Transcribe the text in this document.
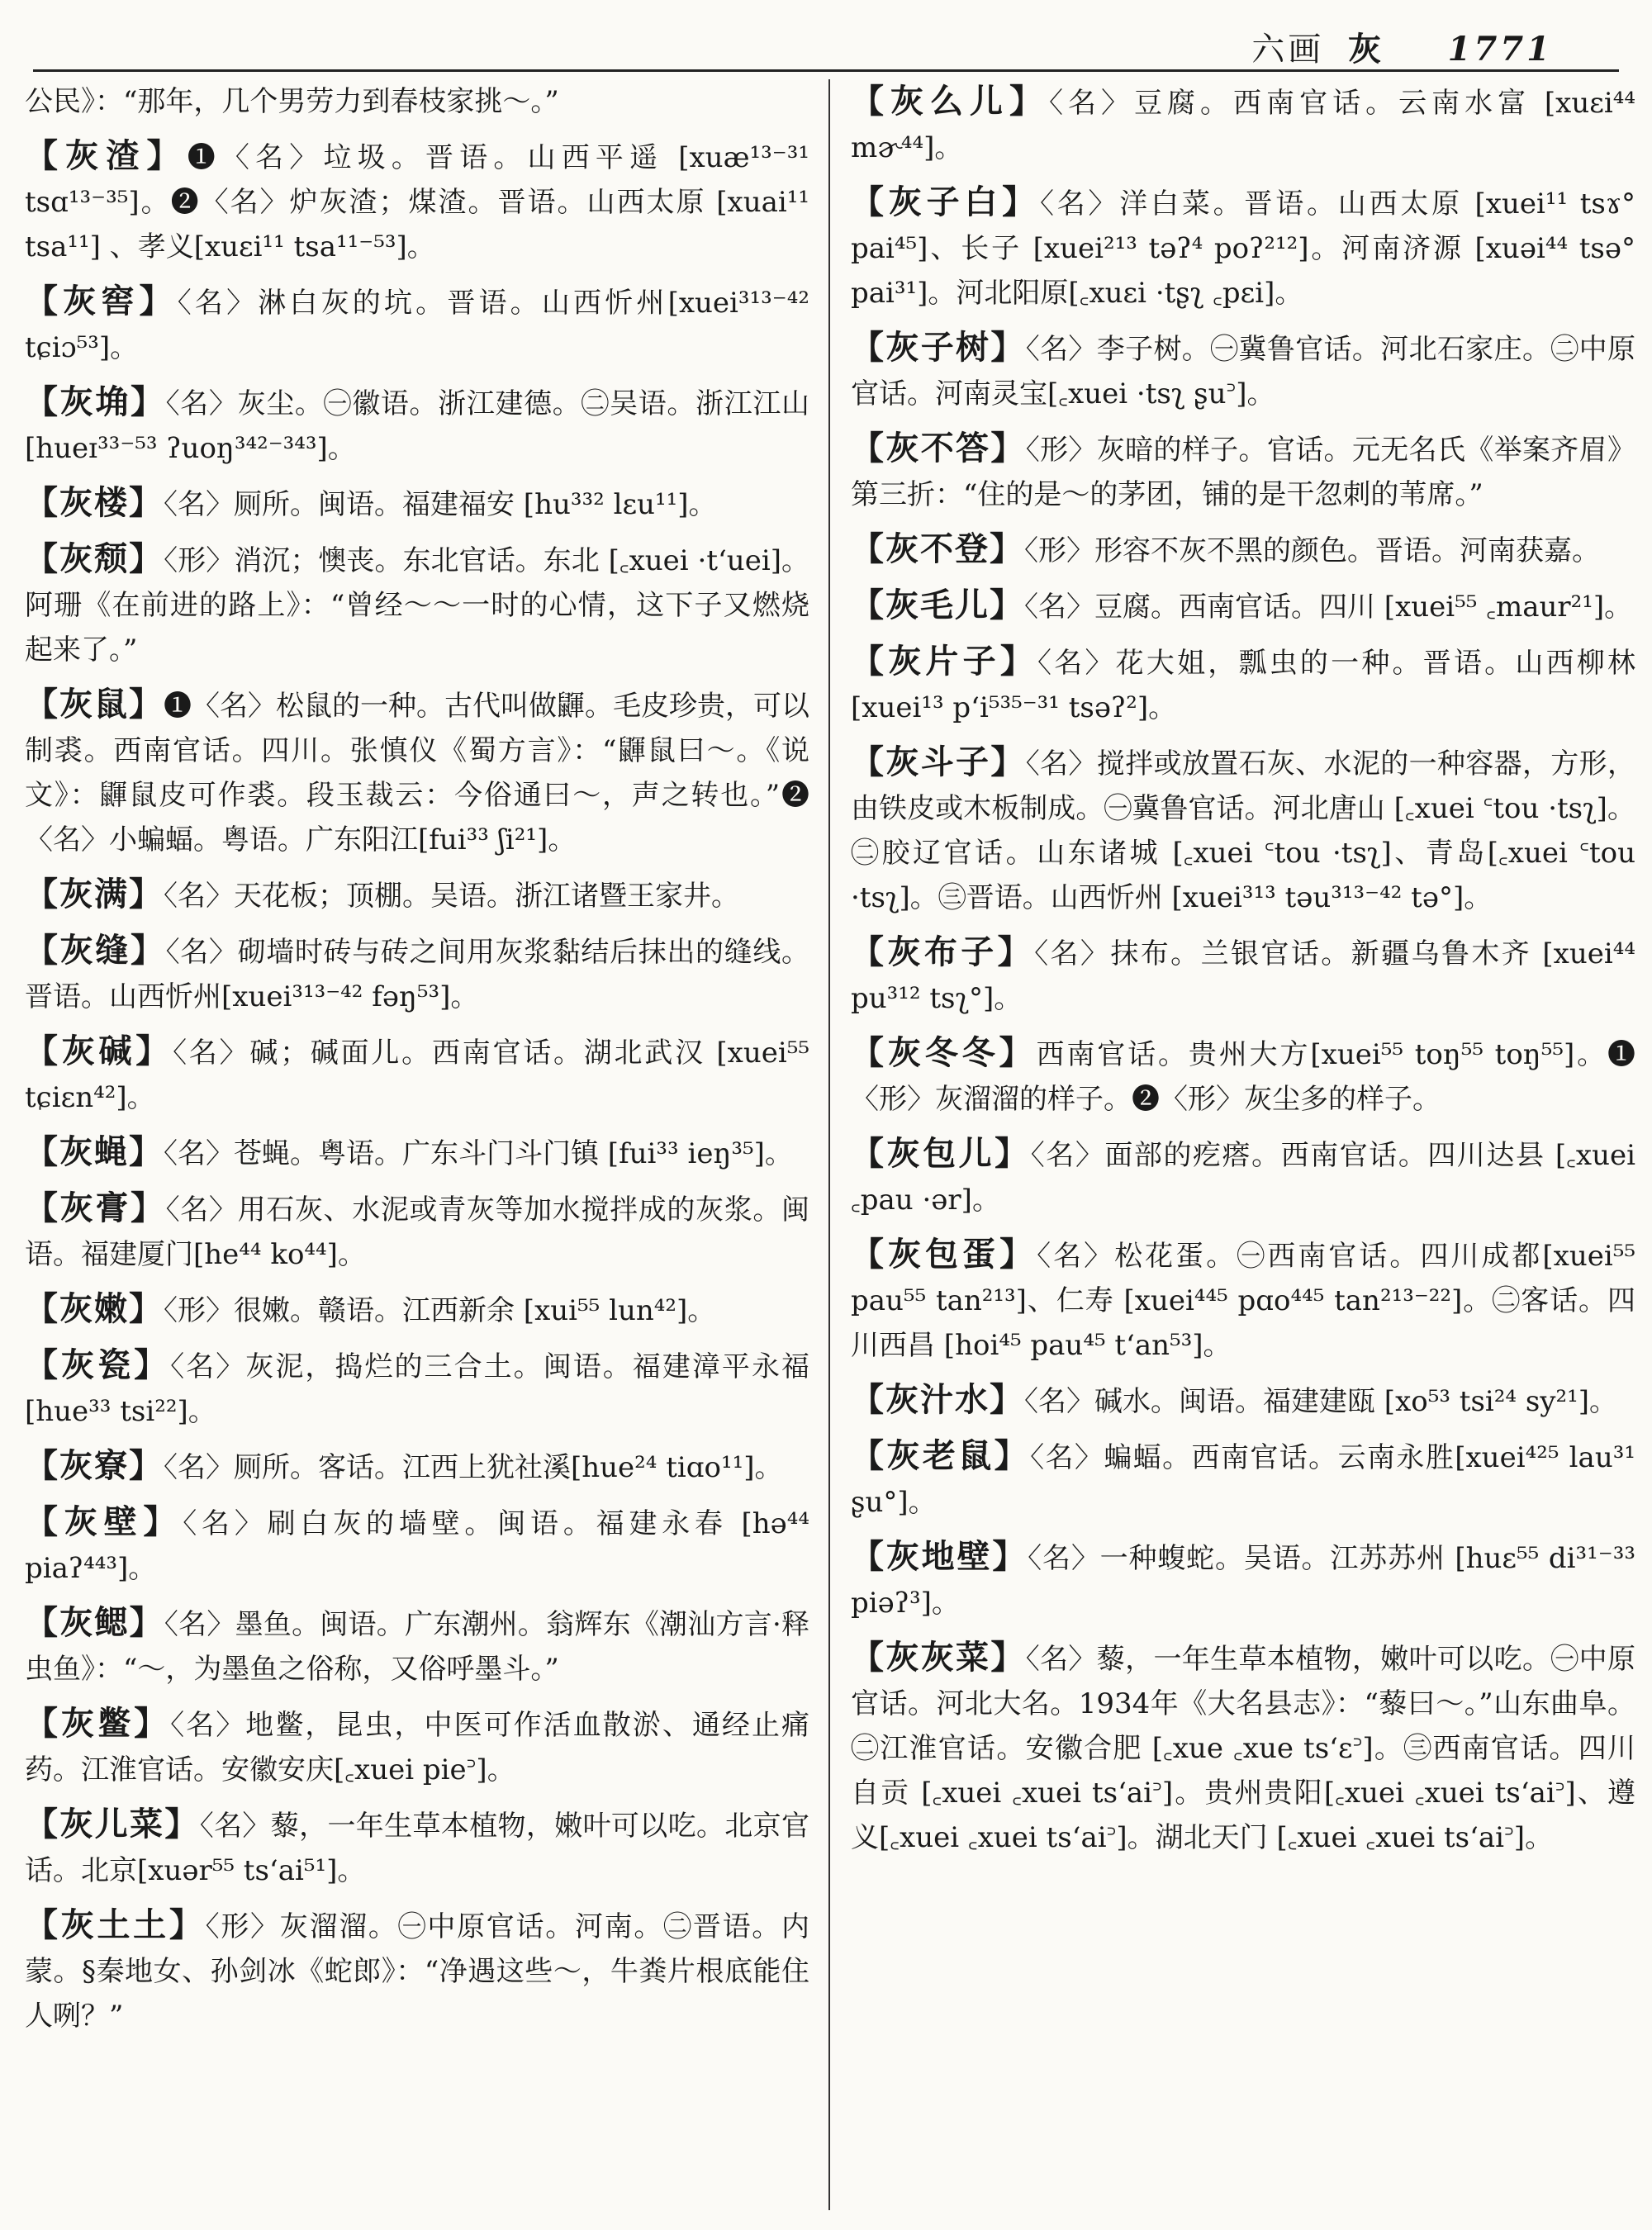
六画 灰 1771

公民》：“那年，几个男劳力到春枝家挑～。”

【灰渣】❶〈名〉垃圾。晋语。山西平遥 [xuæ¹³⁻³¹ tsɑ¹³⁻³⁵]。❷〈名〉炉灰渣；煤渣。晋语。山西太原 [xuai¹¹ tsa¹¹] 、孝义[xuɛi¹¹ tsa¹¹⁻⁵³]。

【灰窖】〈名〉淋白灰的坑。晋语。山西忻州[xuei³¹³⁻⁴² tɕiɔ⁵³]。

【灰埆】〈名〉灰尘。㊀徽语。浙江建德。㊁吴语。浙江江山 [hueɪ³³⁻⁵³ ʔuoŋ³⁴²⁻³⁴³]。

【灰楼】〈名〉厕所。闽语。福建福安 [hu³³² lɛu¹¹]。

【灰颓】〈形〉消沉；懊丧。东北官话。东北 [꜀xuei ·tʻuei]。阿珊《在前进的路上》：“曾经～～一时的心情，这下子又燃烧起来了。”

【灰鼠】❶〈名〉松鼠的一种。古代叫做鼲。毛皮珍贵，可以制裘。西南官话。四川。张慎仪《蜀方言》：“鼲鼠曰～。《说文》：鼲鼠皮可作裘。段玉裁云：今俗通曰～，声之转也。”❷〈名〉小蝙蝠。粤语。广东阳江[fui³³ ʃi²¹]。

【灰满】〈名〉天花板；顶棚。吴语。浙江诸暨王家井。

【灰缝】〈名〉砌墙时砖与砖之间用灰浆黏结后抹出的缝线。晋语。山西忻州[xuei³¹³⁻⁴² fəŋ⁵³]。

【灰碱】〈名〉碱；碱面儿。西南官话。湖北武汉 [xuei⁵⁵ tɕiɛn⁴²]。

【灰蝇】〈名〉苍蝇。粤语。广东斗门斗门镇 [fui³³ ieŋ³⁵]。

【灰膏】〈名〉用石灰、水泥或青灰等加水搅拌成的灰浆。闽语。福建厦门[he⁴⁴ ko⁴⁴]。

【灰嫩】〈形〉很嫩。赣语。江西新余 [xui⁵⁵ lun⁴²]。

【灰瓷】〈名〉灰泥，捣烂的三合土。闽语。福建漳平永福[hue³³ tsi²²]。

【灰寮】〈名〉厕所。客话。江西上犹社溪[hue²⁴ tiɑo¹¹]。

【灰壁】〈名〉刷白灰的墙壁。闽语。福建永春 [hə⁴⁴ piaʔ⁴⁴³]。

【灰鳃】〈名〉墨鱼。闽语。广东潮州。翁辉东《潮汕方言·释虫鱼》：“～，为墨鱼之俗称，又俗呼墨斗。”

【灰鳖】〈名〉地鳖，昆虫，中医可作活血散淤、通经止痛药。江淮官话。安徽安庆[꜀xuei pie꜄]。

【灰儿菜】〈名〉藜，一年生草本植物，嫩叶可以吃。北京官话。北京[xuər⁵⁵ tsʻai⁵¹]。

【灰土土】〈形〉灰溜溜。㊀中原官话。河南。㊁晋语。内蒙。§秦地女、孙剑冰《蛇郎》：“净遇这些～，牛粪片根底能住人咧？”

【灰么儿】〈名〉豆腐。西南官话。云南水富 [xuɛi⁴⁴ mɚ⁴⁴]。

【灰子白】〈名〉洋白菜。晋语。山西太原 [xuei¹¹ tsɤ° pai⁴⁵]、长子 [xuei²¹³ təʔ⁴ poʔ²¹²]。河南济源 [xuəi⁴⁴ tsə° pai³¹]。河北阳原[꜀xuɛi ·tʂʅ ꜀pɛi]。

【灰子树】〈名〉李子树。㊀冀鲁官话。河北石家庄。㊁中原官话。河南灵宝[꜀xuei ·tsʅ ʂu꜄]。

【灰不答】〈形〉灰暗的样子。官话。元无名氏《举案齐眉》第三折：“住的是～的茅团，铺的是干忽刺的苇席。”

【灰不登】〈形〉形容不灰不黑的颜色。晋语。河南获嘉。

【灰毛儿】〈名〉豆腐。西南官话。四川 [xuei⁵⁵ ꜀maur²¹]。

【灰片子】〈名〉花大姐，瓢虫的一种。晋语。山西柳林[xuei¹³ pʻi⁵³⁵⁻³¹ tsəʔ²]。

【灰斗子】〈名〉搅拌或放置石灰、水泥的一种容器，方形，由铁皮或木板制成。㊀冀鲁官话。河北唐山 [꜀xuei ꜂tou ·tsʅ]。㊁胶辽官话。山东诸城 [꜀xuei ꜂tou ·tsʅ]、青岛[꜀xuei ꜂tou ·tsʅ]。㊂晋语。山西忻州 [xuei³¹³ təu³¹³⁻⁴² tə°]。

【灰布子】〈名〉抹布。兰银官话。新疆乌鲁木齐 [xuei⁴⁴ pu³¹² tsʅ°]。

【灰冬冬】西南官话。贵州大方[xuei⁵⁵ toŋ⁵⁵ toŋ⁵⁵]。❶〈形〉灰溜溜的样子。❷〈形〉灰尘多的样子。

【灰包儿】〈名〉面部的疙瘩。西南官话。四川达县 [꜀xuei ꜀pau ·ər]。

【灰包蛋】〈名〉松花蛋。㊀西南官话。四川成都[xuei⁵⁵ pau⁵⁵ tan²¹³]、仁寿 [xuei⁴⁴⁵ pɑo⁴⁴⁵ tan²¹³⁻²²]。㊁客话。四川西昌 [hoi⁴⁵ pau⁴⁵ tʻan⁵³]。

【灰汁水】〈名〉碱水。闽语。福建建瓯 [xo⁵³ tsi²⁴ sy²¹]。

【灰老鼠】〈名〉蝙蝠。西南官话。云南永胜[xuei⁴²⁵ lau³¹ ʂu°]。

【灰地壁】〈名〉一种蝮蛇。吴语。江苏苏州 [huɛ⁵⁵ di³¹⁻³³ piəʔ³]。

【灰灰菜】〈名〉藜，一年生草本植物，嫩叶可以吃。㊀中原官话。河北大名。1934年《大名县志》：“藜曰～。”山东曲阜。㊁江淮官话。安徽合肥 [꜀xue ꜀xue tsʻɛ꜄]。㊂西南官话。四川自贡 [꜀xuei ꜀xuei tsʻai꜄]。贵州贵阳[꜀xuei ꜀xuei tsʻai꜄]、遵义[꜀xuei ꜀xuei tsʻai꜄]。湖北天门 [꜀xuei ꜀xuei tsʻai꜄]。
